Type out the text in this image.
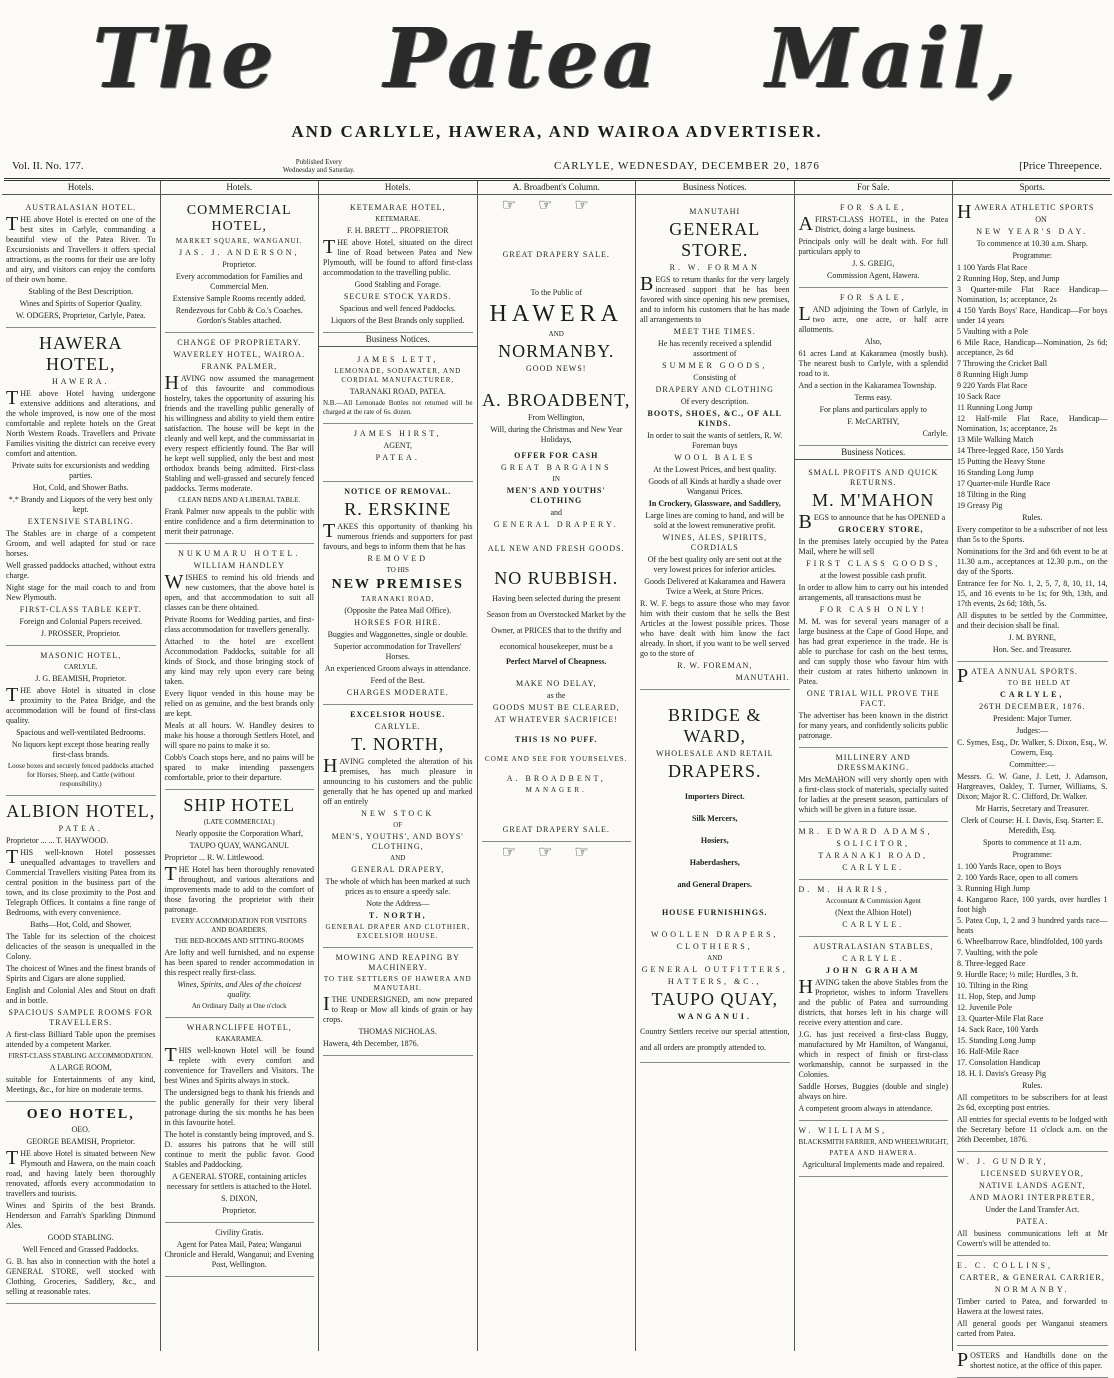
The Patea Mail,
AND CARLYLE, HAWERA, AND WAIROA ADVERTISER.
Vol. II. No. 177.	Published Every
Wednesday and Saturday.	CARLYLE, WEDNESDAY, DECEMBER 20, 1876	[Price Threepence.
Hotels.

AUSTRALASIAN HOTEL.

THE above Hotel is erected on one of the best sites in Carlyle, commanding a beautiful view of the Patea River. To Excursionists and Travellers it offers special attractions, as the rooms for their use are lofty and airy, and visitors can enjoy the comforts of their own home.

Stabling of the Best Description.

Wines and Spirits of Superior Quality.

W. ODGERS, Proprietor, Carlyle, Patea.

HAWERA HOTEL,

HAWERA.

THE above Hotel having undergone extensive additions and alterations, and the whole improved, is now one of the most comfortable and replete hotels on the Great North Western Roads. Travellers and Private Families visiting the district can receive every comfort and attention.

Private suits for excursionists and wedding parties.

Hot, Cold, and Shower Baths.

*.* Brandy and Liquors of the very best only kept.

EXTENSIVE STABLING.

The Stables are in charge of a competent Groom, and well adapted for stud or race horses.

Well grassed paddocks attached, without extra charge.

Night stage for the mail coach to and from New Plymouth.

FIRST-CLASS TABLE KEPT.

Foreign and Colonial Papers received.

J. PROSSER, Proprietor.

MASONIC HOTEL,

CARLYLE.

J. G. BEAMISH, Proprietor.

THE above Hotel is situated in close proximity to the Patea Bridge, and the accommodation will be found of first-class quality.

Spacious and well-ventilated Bedrooms.

No liquors kept except those bearing really first-class brands.

Loose boxes and securely fenced paddocks attached for Horses, Sheep, and Cattle (without responsibility.)

ALBION HOTEL,

PATEA.

Proprietor ... ... T. HAYWOOD.

THIS well-known Hotel possesses unequalled advantages to travellers and Commercial Travellers visiting Patea from its central position in the business part of the town, and its close proximity to the Post and Telegraph Offices. It contains a fine range of Bedrooms, with every convenience.

Baths—Hot, Cold, and Shower.

The Table for its selection of the choicest delicacies of the season is unequalled in the Colony.

The choicest of Wines and the finest brands of Spirits and Cigars are alone supplied.

English and Colonial Ales and Stout on draft and in bottle.

SPACIOUS SAMPLE ROOMS FOR TRAVELLERS.

A first-class Billiard Table upon the premises attended by a competent Marker.

FIRST-CLASS STABLING ACCOMMODATION.

A LARGE ROOM,

suitable for Entertainments of any kind, Meetings, &c., for hire on moderate terms.

OEO HOTEL,

OEO.

GEORGE BEAMISH, Proprietor.

THE above Hotel is situated between New Plymouth and Hawera, on the main coach road, and having lately been thoroughly renovated, affords every accommodation to travellers and tourists.

Wines and Spirits of the best Brands. Henderson and Farrah's Sparkling Dinmond Ales.

GOOD STABLING.

Well Fenced and Grassed Paddocks.

G. B. has also in connection with the hotel a GENERAL STORE, well stocked with Clothing, Groceries, Saddlery, &c., and selling at reasonable rates.

Hotels.

COMMERCIAL HOTEL,

MARKET SQUARE, WANGANUI.

JAS. J. ANDERSON,

Proprietor.

Every accommodation for Families and Commercial Men.

Extensive Sample Rooms recently added.

Rendezvous for Cobb & Co.'s Coaches. Gordon's Stables attached.

CHANGE OF PROPRIETARY.

WAVERLEY HOTEL, WAIROA.

FRANK PALMER,

HAVING now assumed the management of this favourite and commodious hostelry, takes the opportunity of assuring his friends and the travelling public generally of his willingness and ability to yield them entire satisfaction. The house will be kept in the cleanly and well kept, and the commissariat in every respect efficiently found. The Bar will be kept well supplied, only the best and most orthodox brands being admitted. First-class Stabling and well-grassed and securely fenced paddocks. Terms moderate.

CLEAN BEDS AND A LIBERAL TABLE.

Frank Palmer now appeals to the public with entire confidence and a firm determination to merit their patronage.

NUKUMARU HOTEL.

WILLIAM HANDLEY

WISHES to remind his old friends and new customers, that the above hotel is open, and that accommodation to suit all classes can be there obtained.

Private Rooms for Wedding parties, and first-class accommodation for travellers generally.

Attached to the hotel are excellent Accommodation Paddocks, suitable for all kinds of Stock, and those bringing stock of any kind may rely upon every care being taken.

Every liquor vended in this house may be relied on as genuine, and the best brands only are kept.

Meals at all hours. W. Handley desires to make his house a thorough Settlers Hotel, and will spare no pains to make it so.

Cobb's Coach stops here, and no pains will be spared to make intending passengers comfortable, prior to their departure.

SHIP HOTEL

(LATE COMMERCIAL)

Nearly opposite the Corporation Wharf,

TAUPO QUAY, WANGANUI.

Proprietor ... R. W. Littlewood.

THE Hotel has been thoroughly renovated throughout, and various alterations and improvements made to add to the comfort of those favoring the proprietor with their patronage.

EVERY ACCOMMODATION FOR VISITORS AND BOARDERS.

THE BED-ROOMS AND SITTING-ROOMS

Are lofty and well furnished, and no expense has been spared to render accommodation in this respect really first-class.

Wines, Spirits, and Ales of the choicest quality.

An Ordinary Daily at One o'clock

WHARNCLIFFE HOTEL,

KAKARAMEA.

THIS well-known Hotel will be found replete with every comfort and convenience for Travellers and Visitors. The best Wines and Spirits always in stock.

The undersigned begs to thank his friends and the public generally for their very liberal patronage during the six months he has been in this favourite hotel.

The hotel is constantly being improved, and S. D. assures his patrons that he will still continue to merit the public favor. Good Stables and Paddocking.

A GENERAL STORE, containing articles necessary for settlers is attached to the Hotel.

S. DIXON,

Proprietor.

Civility Gratis.

Agent for Patea Mail, Patea; Wanganui Chronicle and Herald, Wanganui; and Evening Post, Wellington.

Hotels.

KETEMARAE HOTEL,

KETEMARAE.

F. H. BRETT ... PROPRIETOR

THE above Hotel, situated on the direct line of Road between Patea and New Plymouth, will be found to afford first-class accommodation to the travelling public.

Good Stabling and Forage.

SECURE STOCK YARDS.

Spacious and well fenced Paddocks.

Liquors of the Best Brands only supplied.

Business Notices.

JAMES LETT,

LEMONADE, SODAWATER, AND CORDIAL MANUFACTURER,

TARANAKI ROAD, PATEA.

N.B.—All Lemonade Bottles not returned will be charged at the rate of 6s. dozen.

JAMES HIRST,

AGENT,

PATEA.

NOTICE OF REMOVAL.

R. ERSKINE

TAKES this opportunity of thanking his numerous friends and supporters for past favours, and begs to inform them that he has

REMOVED

TO HIS

NEW PREMISES

TARANAKI ROAD,

(Opposite the Patea Mail Office).

HORSES FOR HIRE.

Buggies and Waggonettes, single or double.

Superior accommodation for Travellers' Horses.

An experienced Groom always in attendance.

Feed of the Best.

CHARGES MODERATE.

EXCELSIOR HOUSE.

CARLYLE.

T. NORTH,

HAVING completed the alteration of his premises, has much pleasure in announcing to his customers and the public generally that he has opened up and marked off an entirely

NEW STOCK

OF

MEN'S, YOUTHS', AND BOYS' CLOTHING,

AND

GENERAL DRAPERY,

The whole of which has been marked at such prices as to ensure a speedy sale.

Note the Address—

T. NORTH,

GENERAL DRAPER AND CLOTHIER, EXCELSIOR HOUSE.

MOWING AND REAPING BY MACHINERY.

TO THE SETTLERS OF HAWERA AND MANUTAHI.

ITHE UNDERSIGNED, am now prepared to Reap or Mow all kinds of grain or hay crops.

THOMAS NICHOLAS.

Hawera, 4th December, 1876.

A. Broadbent's Column.
☞☞☞

GREAT DRAPERY SALE.

To the Public of

HAWERA

AND

NORMANBY.

GOOD NEWS!

A. BROADBENT,

From Wellington,

Will, during the Christmas and New Year Holidays,

OFFER FOR CASH

GREAT BARGAINS

IN

MEN'S AND YOUTHS' CLOTHING

and

GENERAL DRAPERY.

ALL NEW AND FRESH GOODS.

NO RUBBISH.

Having been selected during the present Season from an Overstocked Market by the Owner, at PRICES that to the thrifty and economical housekeeper, must be a

Perfect Marvel of Cheapness.

MAKE NO DELAY,

as the

GOODS MUST BE CLEARED,

AT WHATEVER SACRIFICE!

THIS IS NO PUFF.

COME AND SEE FOR YOURSELVES.

A. BROADBENT,

MANAGER.

GREAT DRAPERY SALE.

☞☞☞
Business Notices.

MANUTAHI

GENERAL STORE.

R. W. FORMAN

BEGS to return thanks for the very largely increased support that he has been favored with since opening his new premises, and to inform his customers that he has made all arrangements to

MEET THE TIMES.

He has recently received a splendid assortment of

SUMMER GOODS,

Consisting of

DRAPERY AND CLOTHING

Of every description.

BOOTS, SHOES, &C., OF ALL KINDS.

In order to suit the wants of settlers, R. W. Foreman buys

WOOL BALES

At the Lowest Prices, and best quality.

Goods of all Kinds at hardly a shade over Wanganui Prices.

In Crockery, Glassware, and Saddlery,

Large lines are coming to hand, and will be sold at the lowest remunerative profit.

WINES, ALES, SPIRITS, CORDIALS

Of the best quality only are sent out at the very lowest prices for inferior articles.

Goods Delivered at Kakaramea and Hawera Twice a Week, at Store Prices.

R. W. F. begs to assure those who may favor him with their custom that he sells the Best Articles at the lowest possible prices. Those who have dealt with him know the fact already. In short, if you want to be well served go to the store of

R. W. FOREMAN,

MANUTAHI.

BRIDGE & WARD,

WHOLESALE AND RETAIL

DRAPERS.

Importers Direct.

Silk Mercers,

Hosiers,

Haberdashers,

and General Drapers.

HOUSE FURNISHINGS.

WOOLLEN DRAPERS,

CLOTHIERS,

AND

GENERAL OUTFITTERS,

HATTERS, &C.,

TAUPO QUAY,

WANGANUI.

Country Settlers receive our special attention, and all orders are promptly attended to.

For Sale.

FOR SALE,

AFIRST-CLASS HOTEL, in the Patea District, doing a large business.

Principals only will be dealt with. For full particulars apply to

J. S. GREIG,

Commission Agent, Hawera.

FOR SALE,

LAND adjoining the Town of Carlyle, in two acre, one acre, or half acre allotments.

Also,

61 acres Land at Kakaramea (mostly bush). The nearest bush to Carlyle, with a splendid road to it.

And a section in the Kakaramea Township.

Terms easy.

For plans and particulars apply to

F. McCARTHY,

Carlyle.

Business Notices.

SMALL PROFITS AND QUICK RETURNS.

M. M'MAHON

BEGS to announce that he has OPENED a

GROCERY STORE,

In the premises lately occupied by the Patea Mail, where he will sell

FIRST CLASS GOODS,

at the lowest possible cash profit.

In order to allow him to carry out his intended arrangements, all transactions must be

FOR CASH ONLY!

M. M. was for several years manager of a large business at the Cape of Good Hope, and has had great experience in the trade. He is able to purchase for cash on the best terms, and can supply those who favour him with their custom at rates hitherto unknown in Patea.

ONE TRIAL WILL PROVE THE FACT.

The advertiser has been known in the district for many years, and confidently solicits public patronage.

MILLINERY AND DRESSMAKING.

Mrs McMAHON will very shortly open with a first-class stock of materials, specially suited for ladies at the present season, particulars of which will be given in a future issue.

MR. EDWARD ADAMS,

SOLICITOR,

TARANAKI ROAD,

CARLYLE.

D. M. HARRIS,

Accountant & Commission Agent

(Next the Albion Hotel)

CARLYLE.

AUSTRALASIAN STABLES,

CARLYLE.

JOHN GRAHAM

HAVING taken the above Stables from the Proprietor, wishes to inform Travellers and the public of Patea and surrounding districts, that horses left in his charge will receive every attention and care.

J.G. has just received a first-class Buggy, manufactured by Mr Hamilton, of Wanganui, which in respect of finish or first-class workmanship, cannot be surpassed in the Colonies.

Saddle Horses, Buggies (double and single) always on hire.

A competent groom always in attendance.

W. WILLIAMS,

BLACKSMITH FARRIER, AND WHEELWRIGHT,

PATEA AND HAWERA.

Agricultural Implements made and repaired.

Sports.

HAWERA ATHLETIC SPORTS

ON

NEW YEAR'S DAY.

To commence at 10.30 a.m. Sharp.

Programme:

1 100 Yards Flat Race

2 Running Hop, Step, and Jump

3 Quarter-mile Flat Race Handicap—Nomination, 1s; acceptance, 2s

4 150 Yards Boys' Race, Handicap—For boys under 14 years

5 Vaulting with a Pole

6 Mile Race, Handicap—Nomination, 2s 6d; acceptance, 2s 6d

7 Throwing the Cricket Ball

8 Running High Jump

9 220 Yards Flat Race

10 Sack Race

11 Running Long Jump

12 Half-mile Flat Race, Handicap—Nomination, 1s; acceptance, 2s

13 Mile Walking Match

14 Three-legged Race, 150 Yards

15 Putting the Heavy Stone

16 Standing Long Jump

17 Quarter-mile Hurdle Race

18 Tilting in the Ring

19 Greasy Pig

Rules.

Every competitor to be a subscriber of not less than 5s to the Sports.

Nominations for the 3rd and 6th event to be at 11.30 a.m., acceptances at 12.30 p.m., on the day of the Sports.

Entrance fee for No. 1, 2, 5, 7, 8, 10, 11, 14, 15, and 16 events to be 1s; for 9th, 13th, and 17th events, 2s 6d; 18th, 5s.

All disputes to be settled by the Committee, and their decision shall be final.

J. M. BYRNE,

Hon. Sec. and Treasurer.

PATEA ANNUAL SPORTS.

TO BE HELD AT

CARLYLE,

26TH DECEMBER, 1876.

President: Major Turner.

Judges:—

C. Symes, Esq., Dr. Walker, S. Dixon, Esq., W. Cowern, Esq.

Committee:—

Messrs. G. W. Gane, J. Lett, J. Adamson, Hargreaves, Oakley, T. Turner, Williams, S. Dixon; Major R. C. Clifford, Dr. Walker.

Mr Harris, Secretary and Treasurer.

Clerk of Course: H. I. Davis, Esq. Starter: E. Meredith, Esq.

Sports to commence at 11 a.m.

Programme:

1. 100 Yards Race, open to Boys

2. 100 Yards Race, open to all comers

3. Running High Jump

4. Kangaroo Race, 100 yards, over hurdles 1 foot high

5. Patea Cup, 1, 2 and 3 hundred yards race—heats

6. Wheelbarrow Race, blindfolded, 100 yards

7. Vaulting, with the pole

8. Three-legged Race

9. Hurdle Race; ½ mile; Hurdles, 3 ft.

10. Tilting in the Ring

11. Hop, Step, and Jump

12. Juvenile Pole

13. Quarter-Mile Flat Race

14. Sack Race, 100 Yards

15. Standing Long Jump

16. Half-Mile Race

17. Consolation Handicap

18. H. I. Davis's Greasy Pig

Rules.

All competitors to be subscribers for at least 2s 6d, excepting post entries.

All entries for special events to be lodged with the Secretary before 11 o'clock a.m. on the 26th December, 1876.

W. J. GUNDRY,

LICENSED SURVEYOR,

NATIVE LANDS AGENT,

AND MAORI INTERPRETER,

Under the Land Transfer Act.

PATEA.

All business communications left at Mr Cowern's will be attended to.

E. C. COLLINS,

CARTER, & GENERAL CARRIER,

NORMANBY.

Timber carted to Patea, and forwarded to Hawera at the lowest rates.

All general goods per Wanganui steamers carted from Patea.

POSTERS and Handbills done on the shortest notice, at the office of this paper.
